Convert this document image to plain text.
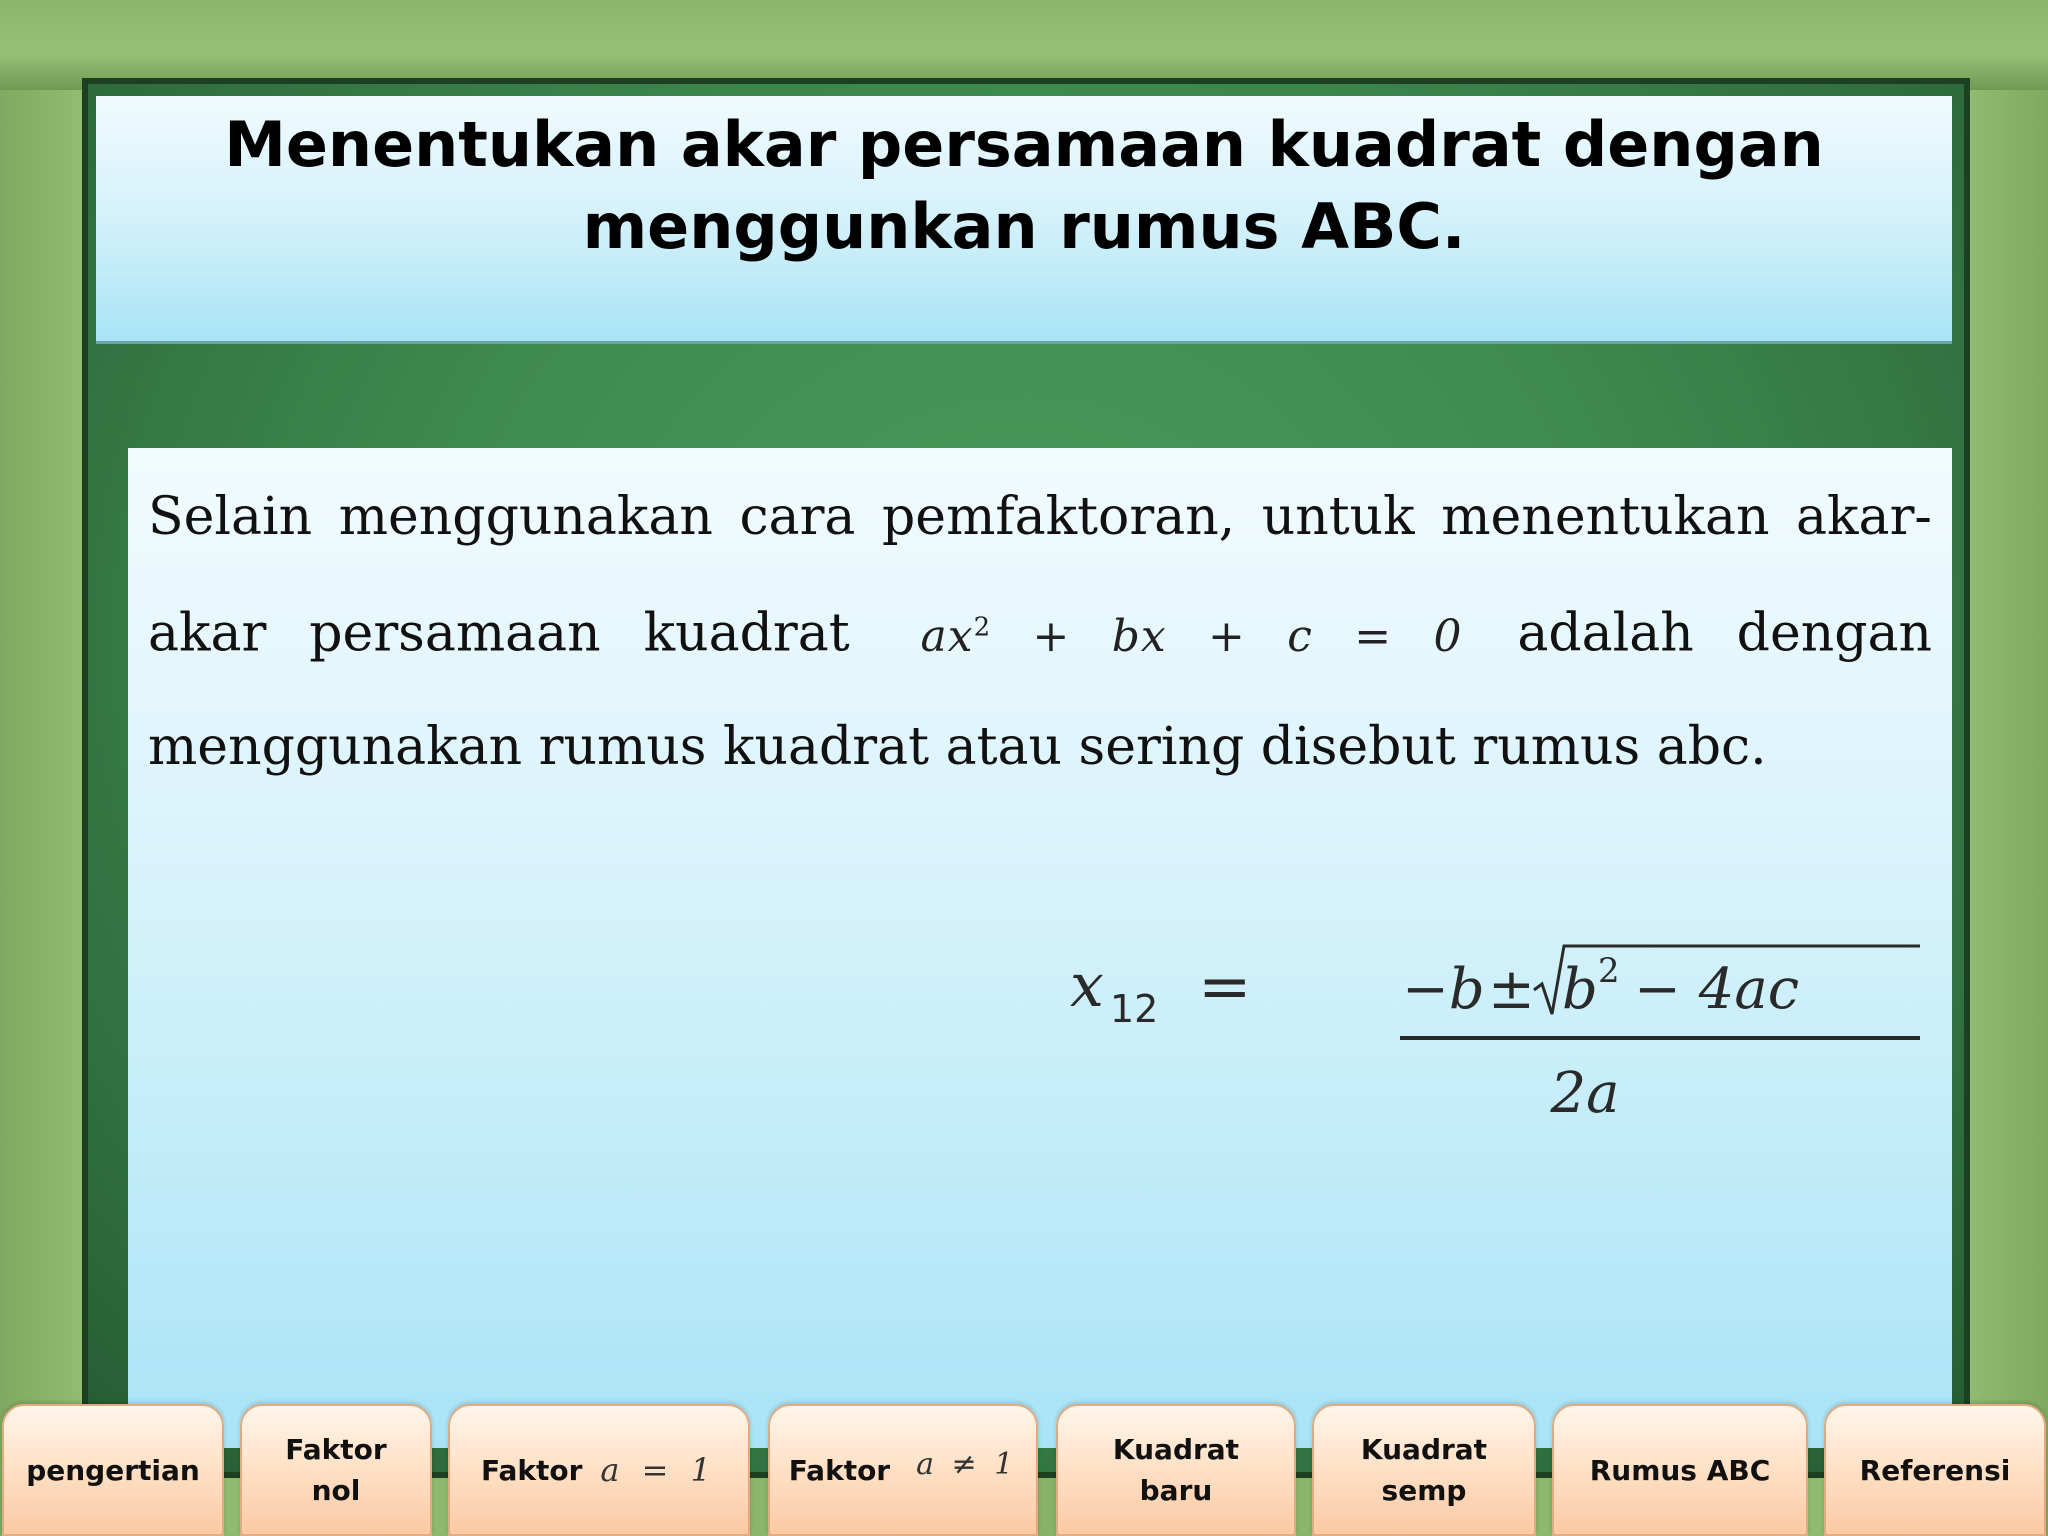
Menentukan akar persamaan kuadrat dengan menggunkan rumus ABC.
Selain menggunakan cara pemfaktoran, untuk menentukan akar-akar persamaan kuadrat $ax^2$ + bx + c = 0 adalah dengan menggunakan rumus kuadrat atau sering disebut rumus abc.
x 12 =	−b ± b 2 − 4ac
2a
pengertian
Faktor
nol
Faktor a = 1	Faktor a ≠ 1	Kuadrat
baru
Kuadrat
semp
Rumus ABC	Referensi
